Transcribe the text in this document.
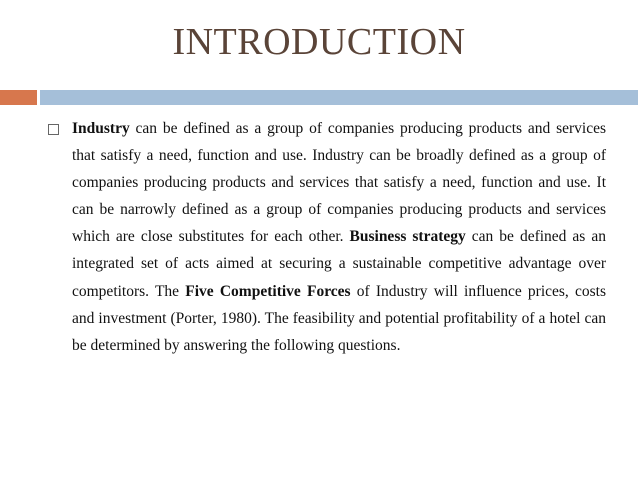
INTRODUCTION

Industry can be defined as a group of companies producing products and services that satisfy a need, function and use. Industry can be broadly defined as a group of companies producing products and services that satisfy a need, function and use. It can be narrowly defined as a group of companies producing products and services which are close substitutes for each other. Business strategy can be defined as an integrated set of acts aimed at securing a sustainable competitive advantage over competitors. The Five Competitive Forces of Industry will influence prices, costs and investment (Porter, 1980). The feasibility and potential profitability of a hotel can be determined by answering the following questions.
